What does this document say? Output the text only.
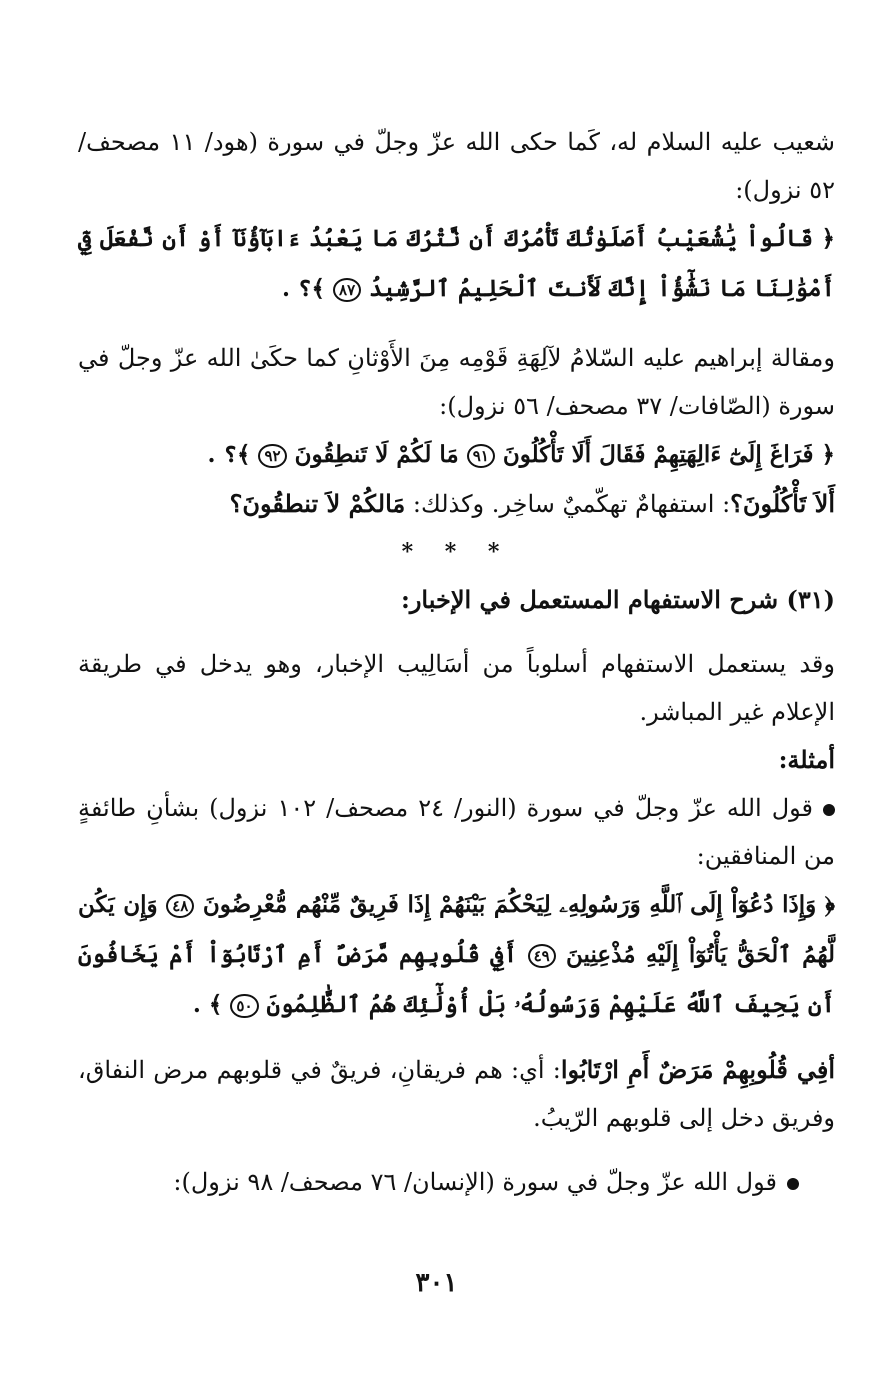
شعيب عليه السلام له، كَما حكى الله عزّ وجلّ في سورة (هود/ ١١ مصحف/ ٥٢ نزول):

﴿ قَالُواْ يَٰشُعَيْبُ أَصَلَوٰتُكَ تَأْمُرُكَ أَن نَّتْرُكَ مَا يَعْبُدُ ءَابَآؤُنَآ أَوْ أَن نَّفْعَلَ فِيٓ أَمْوَٰلِنَا مَا نَشَٰٓؤُاْ إِنَّكَ لَأَنتَ ٱلْحَلِيمُ ٱلرَّشِيدُ ٨٧ ﴾؟ .

ومقالة إبراهيم عليه السّلامُ لآلِهَةِ قَوْمِه مِنَ الأَوْثانِ كما حكَىٰ الله عزّ وجلّ في سورة (الصّافات/ ٣٧ مصحف/ ٥٦ نزول):

﴿ فَرَاغَ إِلَىٰٓ ءَالِهَتِهِمْ فَقَالَ أَلَا تَأْكُلُونَ ٩١ مَا لَكُمْ لَا تَنطِقُونَ ٩٢ ﴾؟ .

أَلاَ تَأْكُلُونَ؟: استفهامٌ تهكّميٌ ساخِر. وكذلك: مَالكُمْ لاَ تنطقُونَ؟

* * *

(٣١) شرح الاستفهام المستعمل في الإخبار:

وقد يستعمل الاستفهام أسلوباً من أسَالِيب الإخبار، وهو يدخل في طريقة الإعلام غير المباشر.

أمثلة:

قول الله عزّ وجلّ في سورة (النور/ ٢٤ مصحف/ ١٠٢ نزول) بشأنِ طائفةٍ من المنافقين:

﴿ وَإِذَا دُعُوٓاْ إِلَى ٱللَّهِ وَرَسُولِهِۦ لِيَحْكُمَ بَيْنَهُمْ إِذَا فَرِيقٌ مِّنْهُم مُّعْرِضُونَ ٤٨ وَإِن يَكُن لَّهُمُ ٱلْحَقُّ يَأْتُوٓاْ إِلَيْهِ مُذْعِنِينَ ٤٩ أَفِي قُلُوبِهِم مَّرَضٌ أَمِ ٱرْتَابُوٓاْ أَمْ يَخَافُونَ أَن يَحِيفَ ٱللَّهُ عَلَيْهِمْ وَرَسُولُهُۥ بَلْ أُوْلَٰٓئِكَ هُمُ ٱلظَّٰلِمُونَ ٥٠ ﴾ .

أفِي قُلُوبِهِمْ مَرَضٌ أَمِ ارْتَابُوا: أي: هم فريقانِ، فريقٌ في قلوبهم مرض النفاق، وفريق دخل إلى قلوبهم الرّيبُ.

قول الله عزّ وجلّ في سورة (الإنسان/ ٧٦ مصحف/ ٩٨ نزول):

٣٠١
